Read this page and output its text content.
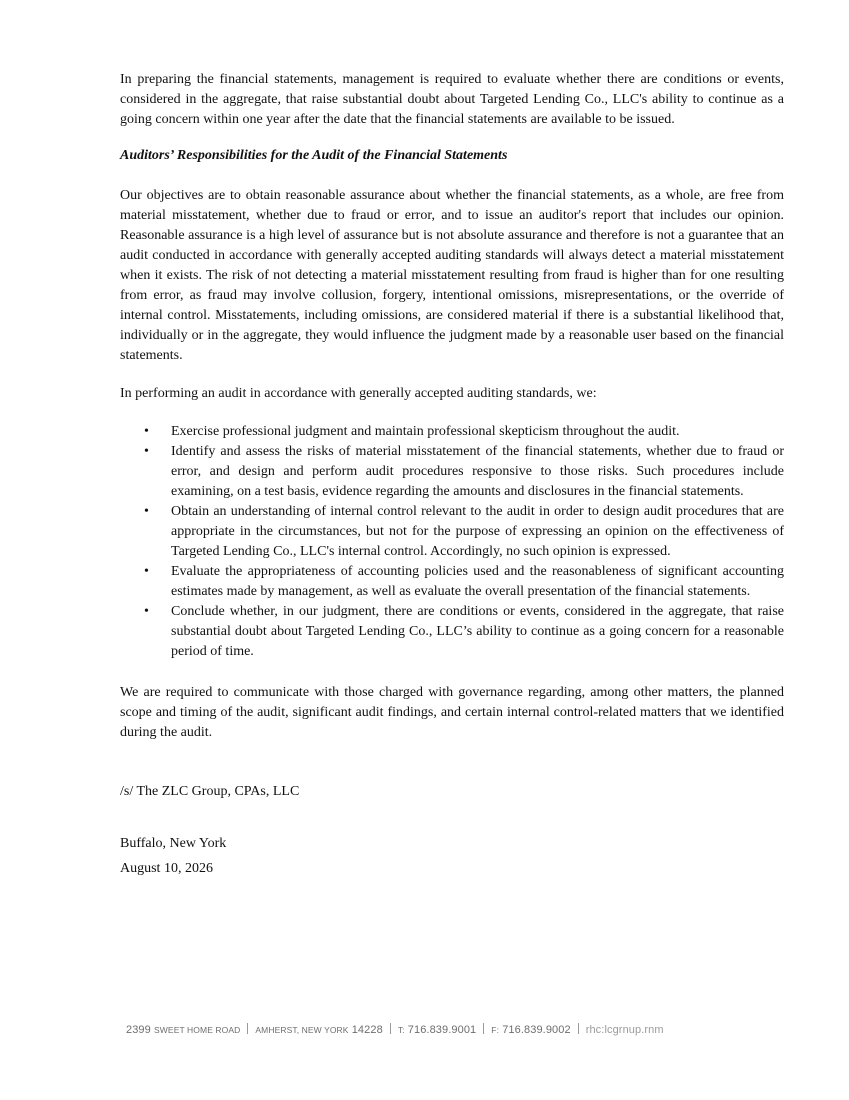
In preparing the financial statements, management is required to evaluate whether there are conditions or events, considered in the aggregate, that raise substantial doubt about Targeted Lending Co., LLC's ability to continue as a going concern within one year after the date that the financial statements are available to be issued.

Auditors’ Responsibilities for the Audit of the Financial Statements

Our objectives are to obtain reasonable assurance about whether the financial statements, as a whole, are free from material misstatement, whether due to fraud or error, and to issue an auditor's report that includes our opinion. Reasonable assurance is a high level of assurance but is not absolute assurance and therefore is not a guarantee that an audit conducted in accordance with generally accepted auditing standards will always detect a material misstatement when it exists. The risk of not detecting a material misstatement resulting from fraud is higher than for one resulting from error, as fraud may involve collusion, forgery, intentional omissions, misrepresentations, or the override of internal control. Misstatements, including omissions, are considered material if there is a substantial likelihood that, individually or in the aggregate, they would influence the judgment made by a reasonable user based on the financial statements.

In performing an audit in accordance with generally accepted auditing standards, we:

• Exercise professional judgment and maintain professional skepticism throughout the audit.
• Identify and assess the risks of material misstatement of the financial statements, whether due to fraud or error, and design and perform audit procedures responsive to those risks. Such procedures include examining, on a test basis, evidence regarding the amounts and disclosures in the financial statements.
• Obtain an understanding of internal control relevant to the audit in order to design audit procedures that are appropriate in the circumstances, but not for the purpose of expressing an opinion on the effectiveness of Targeted Lending Co., LLC's internal control. Accordingly, no such opinion is expressed.
• Evaluate the appropriateness of accounting policies used and the reasonableness of significant accounting estimates made by management, as well as evaluate the overall presentation of the financial statements.
• Conclude whether, in our judgment, there are conditions or events, considered in the aggregate, that raise substantial doubt about Targeted Lending Co., LLC’s ability to continue as a going concern for a reasonable period of time.

We are required to communicate with those charged with governance regarding, among other matters, the planned scope and timing of the audit, significant audit findings, and certain internal control-related matters that we identified during the audit.

/s/ The ZLC Group, CPAs, LLC
Buffalo, New York
August 10, 2026
2399 SWEET HOME ROAD AMHERST, NEW YORK 14228 T: 716.839.9001 F: 716.839.9002 rhc:lcgrnup.rnm
